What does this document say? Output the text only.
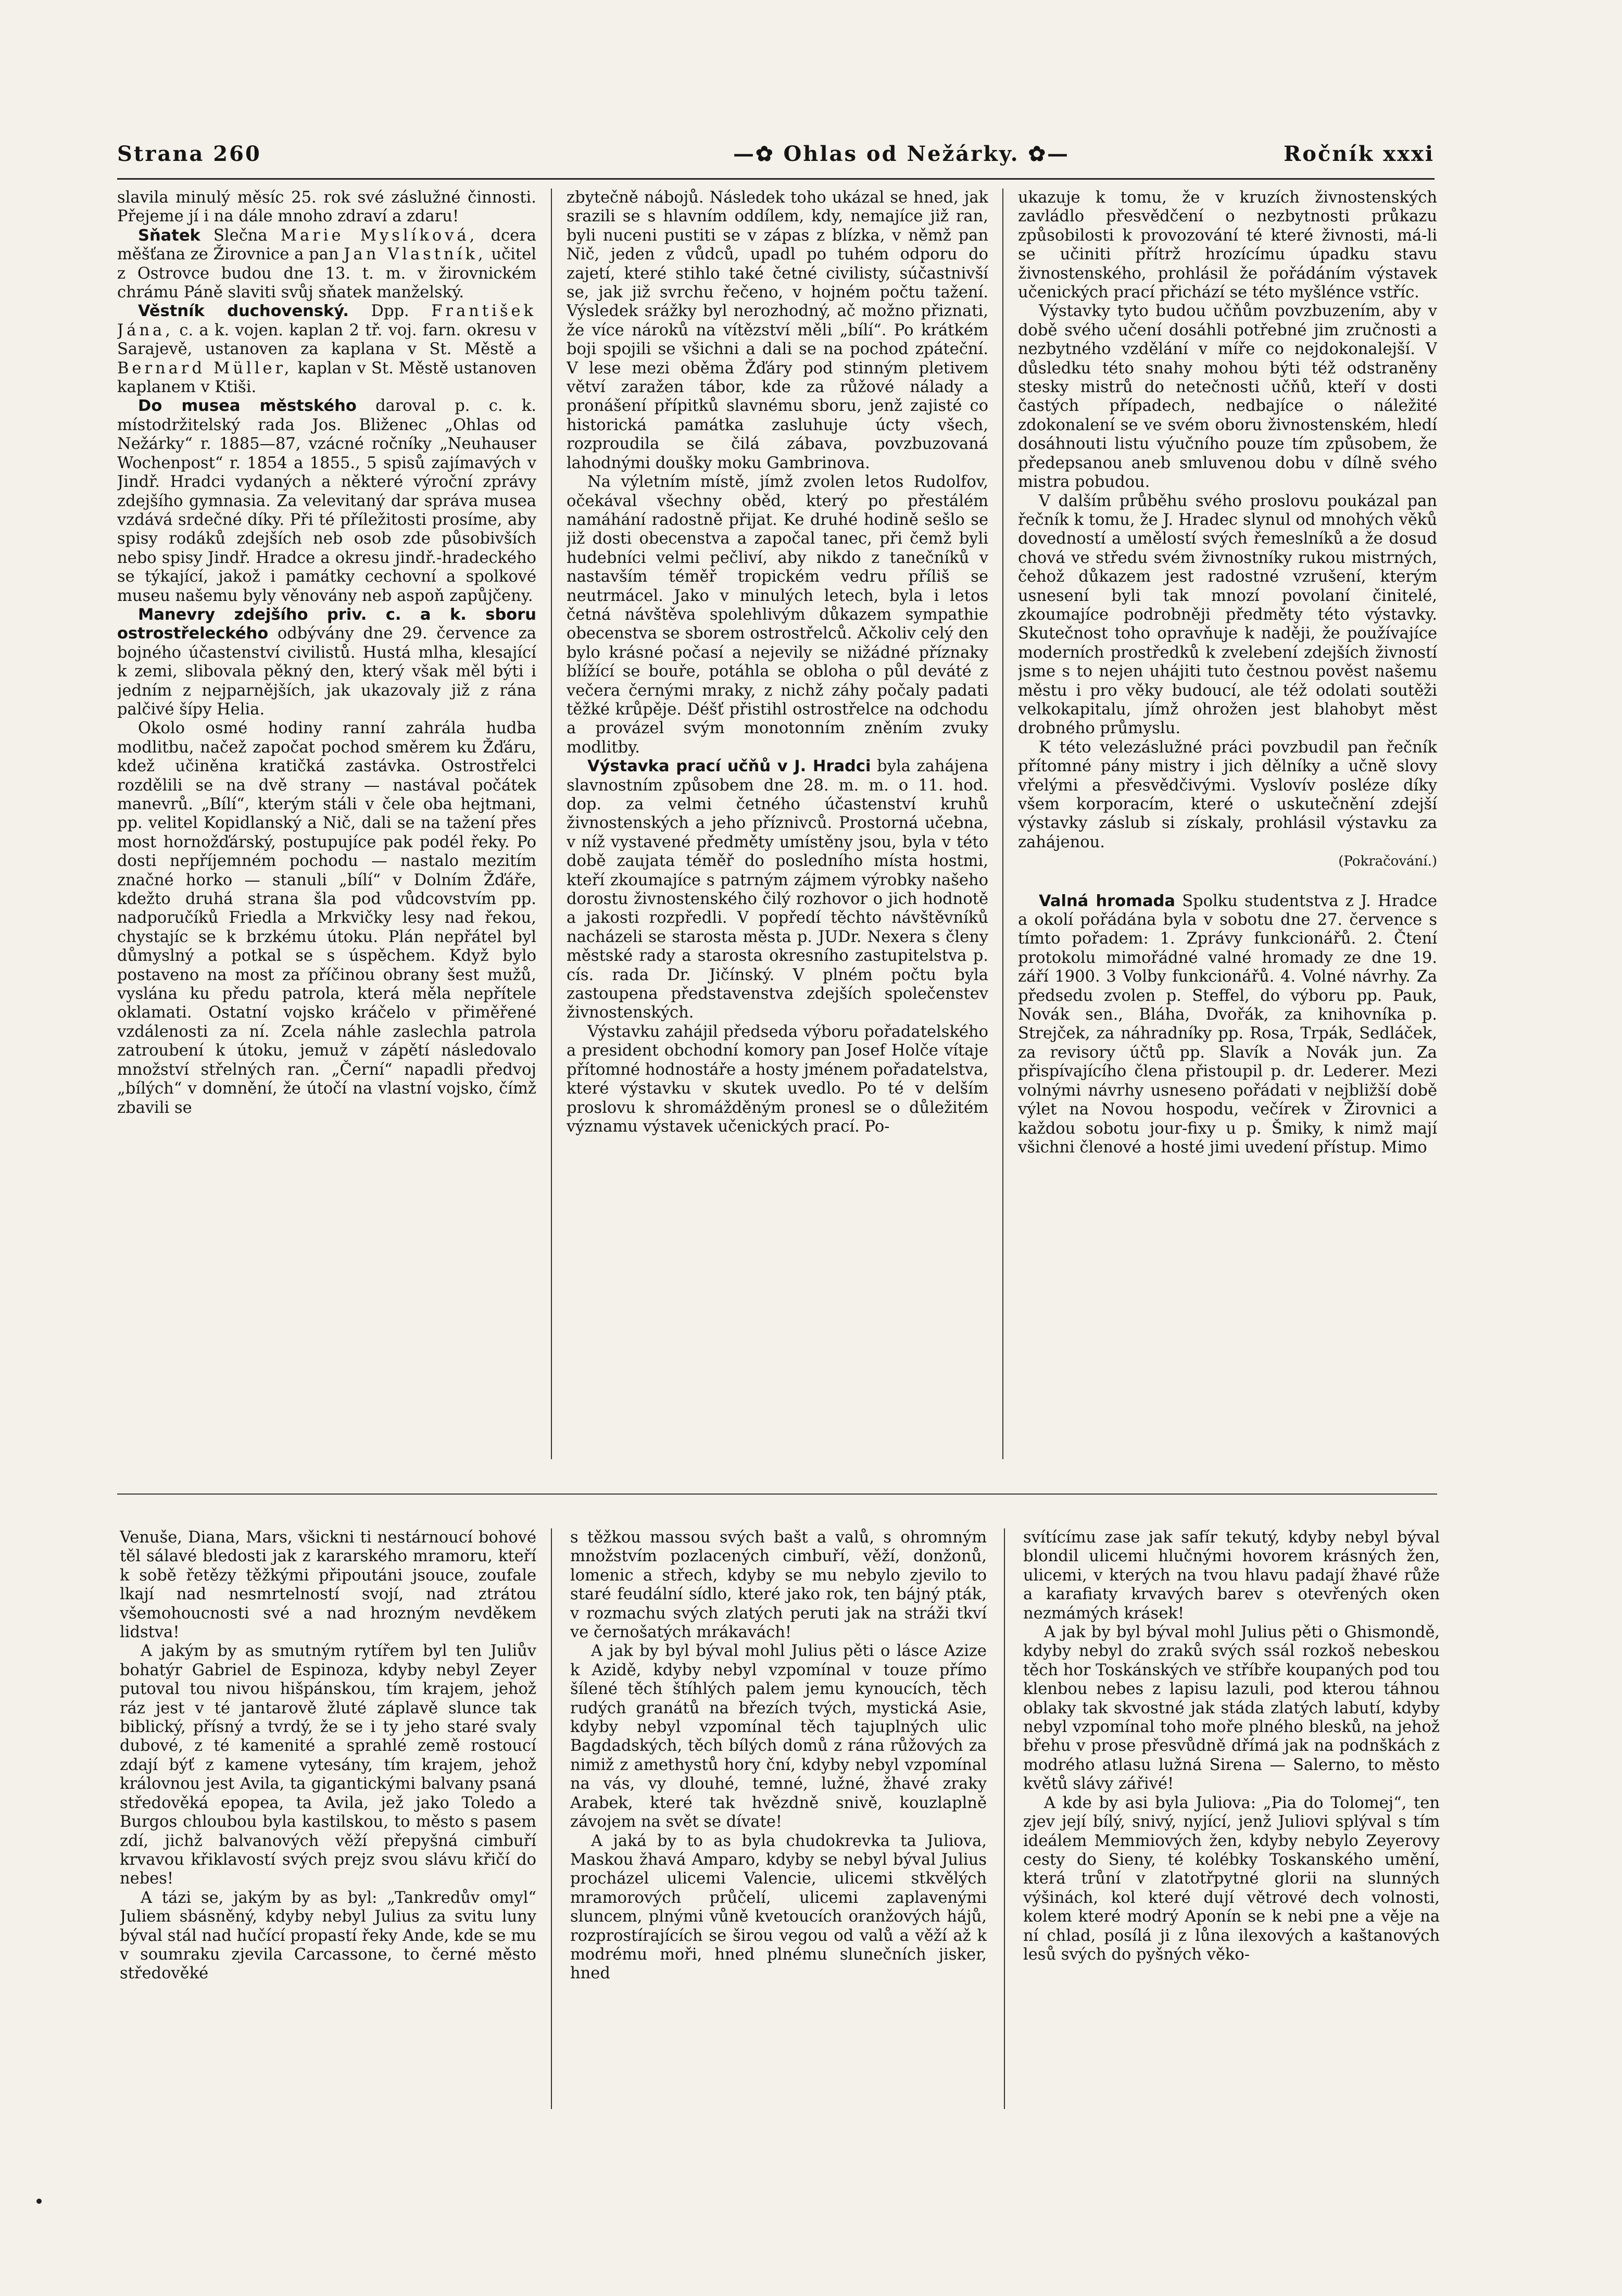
Strana 260	—✿ Ohlas od Nežárky. ✿—	Ročník xxxi

slavila minulý měsíc 25. rok své záslužné činnosti. Přejeme jí i na dále mnoho zdraví a zdaru!

Sňatek Slečna Marie Myslíková, dcera měšťana ze Žirovnice a pan Jan Vlastník, učitel z Ostrovce budou dne 13. t. m. v žirovnickém chrámu Páně slaviti svůj sňatek manželský.

Věstník duchovenský. Dpp. František Jána, c. a k. vojen. kaplan 2 tř. voj. farn. okresu v Sarajevě, ustanoven za kaplana v St. Městě a Bernard Müller, kaplan v St. Městě ustanoven kaplanem v Ktiši.

Do musea městského daroval p. c. k. místodržitelský rada Jos. Bliženec „Ohlas od Nežárky“ r. 1885—87, vzácné ročníky „Neuhauser Wochenpost“ r. 1854 a 1855., 5 spisů zajímavých v Jindř. Hradci vydaných a některé výroční zprávy zdejšího gymnasia. Za velevitaný dar správa musea vzdává srdečné díky. Při té příležitosti prosíme, aby spisy rodáků zdejších neb osob zde působivších nebo spisy Jindř. Hradce a okresu jindř.-hradeckého se týkající, jakož i památky cechovní a spolkové museu našemu byly věnovány neb aspoň zapůjčeny.

Manevry zdejšího priv. c. a k. sboru ostrostřeleckého odbývány dne 29. července za bojného účastenství civilistů. Hustá mlha, klesající k zemi, slibovala pěkný den, který však měl býti i jedním z nejparnějších, jak ukazovaly již z rána palčivé šípy Helia.

Okolo osmé hodiny ranní zahrála hudba modlitbu, načež započat pochod směrem ku Žďáru, kdež učiněna kratičká zastávka. Ostrostřelci rozdělili se na dvě strany — nastával počátek manevrů. „Bílí“, kterým stáli v čele oba hejtmani, pp. velitel Kopidlanský a Nič, dali se na tažení přes most hornožďárský, postupujíce pak podél řeky. Po dosti nepříjemném pochodu — nastalo mezitím značné horko — stanuli „bílí“ v Dolním Žďáře, kdežto druhá strana šla pod vůdcovstvím pp. nadporučíků Friedla a Mrkvičky lesy nad řekou, chystajíc se k brzkému útoku. Plán nepřátel byl důmyslný a potkal se s úspěchem. Když bylo postaveno na most za příčinou obrany šest mužů, vyslána ku předu patrola, která měla nepřítele oklamati. Ostatní vojsko kráčelo v přiměřené vzdálenosti za ní. Zcela náhle zaslechla patrola zatroubení k útoku, jemuž v zápětí následovalo množství střelných ran. „Černí“ napadli předvoj „bílých“ v domnění, že útočí na vlastní vojsko, čímž zbavili se

zbytečně nábojů. Následek toho ukázal se hned, jak srazili se s hlavním oddílem, kdy, nemajíce již ran, byli nuceni pustiti se v zápas z blízka, v němž pan Nič, jeden z vůdců, upadl po tuhém odporu do zajetí, které stihlo také četné civilisty, súčastnivší se, jak již svrchu řečeno, v hojném počtu tažení. Výsledek srážky byl nerozhodný, ač možno přiznati, že více nároků na vítězství měli „bílí“. Po krátkém boji spojili se všichni a dali se na pochod zpáteční. V lese mezi oběma Žďáry pod stinným pletivem větví zaražen tábor, kde za růžové nálady a pronášení přípitků slavnému sboru, jenž zajisté co historická památka zasluhuje úcty všech, rozproudila se čilá zábava, povzbuzovaná lahodnými doušky moku Gambrinova.

Na výletním místě, jímž zvolen letos Rudolfov, očekával všechny oběd, který po přestálém namáhání radostně přijat. Ke druhé hodině sešlo se již dosti obecenstva a započal tanec, při čemž byli hudebníci velmi pečliví, aby nikdo z tanečníků v nastavším téměř tropickém vedru příliš se neutrmácel. Jako v minulých letech, byla i letos četná návštěva spolehlivým důkazem sympathie obecenstva se sborem ostrostřelců. Ačkoliv celý den bylo krásné počasí a nejevily se nižádné příznaky blížící se bouře, potáhla se obloha o půl deváté z večera černými mraky, z nichž záhy počaly padati těžké krůpěje. Déšť přistihl ostrostřelce na odchodu a provázel svým monotonním zněním zvuky modlitby.

Výstavka prací učňů v J. Hradci byla zahájena slavnostním způsobem dne 28. m. m. o 11. hod. dop. za velmi četného účastenství kruhů živnostenských a jeho příznivců. Prostorná učebna, v níž vystavené předměty umístěny jsou, byla v této době zaujata téměř do posledního místa hostmi, kteří zkoumajíce s patrným zájmem výrobky našeho dorostu živnostenského čilý rozhovor o jich hodnotě a jakosti rozpředli. V popředí těchto návštěvníků nacházeli se starosta města p. JUDr. Nexera s členy městské rady a starosta okresního zastupitelstva p. cís. rada Dr. Jičínský. V plném počtu byla zastoupena představenstva zdejších společenstev živnostenských.

Výstavku zahájil předseda výboru pořadatelského a president obchodní komory pan Josef Holče vítaje přítomné hodnostáře a hosty jménem pořadatelstva, které výstavku v skutek uvedlo. Po té v delším proslovu k shromážděným pronesl se o důležitém významu výstavek učenických prací. Po-

ukazuje k tomu, že v kruzích živnostenských zavládlo přesvědčení o nezbytnosti průkazu způsobilosti k provozování té které živnosti, má-li se učiniti přítrž hrozícímu úpadku stavu živnostenského, prohlásil že pořádáním výstavek učenických prací přichází se této myšlénce vstříc.

Výstavky tyto budou učňům povzbuzením, aby v době svého učení dosáhli potřebné jim zručnosti a nezbytného vzdělání v míře co nejdokonalejší. V důsledku této snahy mohou býti též odstraněny stesky mistrů do netečnosti učňů, kteří v dosti častých případech, nedbajíce o náležité zdokonalení se ve svém oboru živnostenském, hledí dosáhnouti listu výučního pouze tím způsobem, že předepsanou aneb smluvenou dobu v dílně svého mistra pobudou.

V dalším průběhu svého proslovu poukázal pan řečník k tomu, že J. Hradec slynul od mnohých věků dovedností a umělostí svých řemeslníků a že dosud chová ve středu svém živnostníky rukou mistrných, čehož důkazem jest radostné vzrušení, kterým usnesení byli tak mnozí povolaní činitelé, zkoumajíce podrobněji předměty této výstavky. Skutečnost toho opravňuje k naději, že používajíce moderních prostředků k zvelebení zdejších živností jsme s to nejen uhájiti tuto čestnou pověst našemu městu i pro věky budoucí, ale též odolati soutěži velkokapitalu, jímž ohrožen jest blahobyt měst drobného průmyslu.

K této velezáslužné práci povzbudil pan řečník přítomné pány mistry i jich dělníky a učně slovy vřelými a přesvědčivými. Vyslovív posléze díky všem korporacím, které o uskutečnění zdejší výstavky záslub si získaly, prohlásil výstavku za zahájenou.

(Pokračování.)

Valná hromada Spolku studentstva z J. Hradce a okolí pořádána byla v sobotu dne 27. července s tímto pořadem: 1. Zprávy funkcionářů. 2. Čtení protokolu mimořádné valné hromady ze dne 19. září 1900. 3 Volby funkcionářů. 4. Volné návrhy. Za předsedu zvolen p. Steffel, do výboru pp. Pauk, Novák sen., Bláha, Dvořák, za knihovníka p. Strejček, za náhradníky pp. Rosa, Trpák, Sedláček, za revisory účtů pp. Slavík a Novák jun. Za přispívajícího člena přistoupil p. dr. Lederer. Mezi volnými návrhy usneseno pořádati v nejbližší době výlet na Novou hospodu, večírek v Žirovnici a každou sobotu jour-fixy u p. Šmiky, k nimž mají všichni členové a hosté jimi uvedení přístup. Mimo

Venuše, Diana, Mars, všickni ti nestárnoucí bohové těl sálavé bledosti jak z kararského mramoru, kteří k sobě řetězy těžkými připoutáni jsouce, zoufale lkají nad nesmrtelností svojí, nad ztrátou všemohoucnosti své a nad hrozným nevděkem lidstva!

A jakým by as smutným rytířem byl ten Juliův bohatýr Gabriel de Espinoza, kdyby nebyl Zeyer putoval tou nivou hišpánskou, tím krajem, jehož ráz jest v té jantarově žluté záplavě slunce tak biblický, přísný a tvrdý, že se i ty jeho staré svaly dubové, z té kamenité a sprahlé země rostoucí zdají býť z kamene vytesány, tím krajem, jehož královnou jest Avila, ta gigantickými balvany psaná středověká epopea, ta Avila, jež jako Toledo a Burgos chloubou byla kastilskou, to město s pasem zdí, jichž balvanových věží přepyšná cimbuří krvavou křiklavostí svých prejz svou slávu křičí do nebes!

A tázi se, jakým by as byl: „Tankredův omyl“ Juliem sbásněný, kdyby nebyl Julius za svitu luny býval stál nad hučící propastí řeky Ande, kde se mu v soumraku zjevila Carcassone, to černé město středověké

s těžkou massou svých bašt a valů, s ohromným množstvím pozlacených cimbuří, věží, donžonů, lomenic a střech, kdyby se mu nebylo zjevilo to staré feudální sídlo, které jako rok, ten bájný pták, v rozmachu svých zlatých peruti jak na stráži tkví ve černošatých mrákavách!

A jak by byl býval mohl Julius pěti o lásce Azize k Azidě, kdyby nebyl vzpomínal v touze přímo šílené těch štíhlých palem jemu kynoucích, těch rudých granátů na březích tvých, mystická Asie, kdyby nebyl vzpomínal těch tajuplných ulic Bagdadských, těch bílých domů z rána růžových za nimiž z amethystů hory ční, kdyby nebyl vzpomínal na vás, vy dlouhé, temné, lužné, žhavé zraky Arabek, které tak hvězdně snivě, kouzlaplně závojem na svět se dívate!

A jaká by to as byla chudokrevka ta Juliova, Maskou žhavá Amparo, kdyby se nebyl býval Julius procházel ulicemi Valencie, ulicemi stkvělých mramorových průčelí, ulicemi zaplavenými sluncem, plnými vůně kvetoucích oranžových hájů, rozprostírajících se širou vegou od valů a věží až k modrému moři, hned plnému slunečních jisker, hned

svítícímu zase jak safír tekutý, kdyby nebyl býval blondil ulicemi hlučnými hovorem krásných žen, ulicemi, v kterých na tvou hlavu padají žhavé růže a karafiaty krvavých barev s otevřených oken nezmámých krásek!

A jak by byl býval mohl Julius pěti o Ghismondě, kdyby nebyl do zraků svých ssál rozkoš nebeskou těch hor Toskánských ve stříbře koupaných pod tou klenbou nebes z lapisu lazuli, pod kterou táhnou oblaky tak skvostné jak stáda zlatých labutí, kdyby nebyl vzpomínal toho moře plného blesků, na jehož břehu v prose přesvůdně dřímá jak na podnškách z modrého atlasu lužná Sirena — Salerno, to město květů slávy zářivé!

A kde by asi byla Juliova: „Pia do Tolomej“, ten zjev její bílý, snivý, nyjící, jenž Juliovi splýval s tím ideálem Memmiových žen, kdyby nebylo Zeyerovy cesty do Sieny, té kolébky Toskanského umění, která trůní v zlatotřpytné glorii na slunných výšinách, kol které dují větrové dech volnosti, kolem které modrý Aponín se k nebi pne a věje na ní chlad, posílá ji z lůna ilexových a kaštanových lesů svých do pyšných věko-
